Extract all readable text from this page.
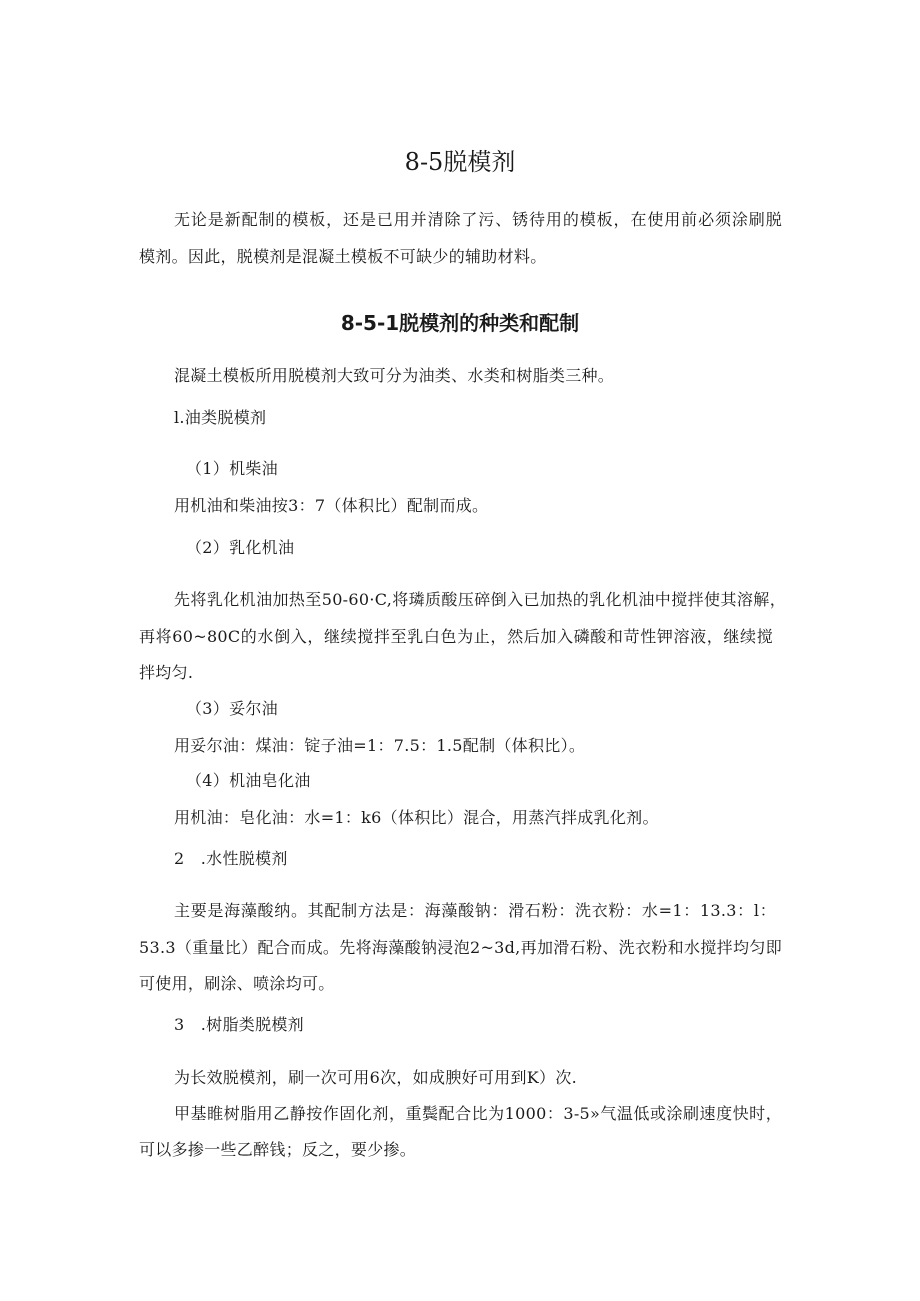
8-5脱模剂
无论是新配制的模板，还是已用并清除了污、锈待用的模板，在使用前必须涂刷脱
模剂。因此，脱模剂是混凝土模板不可缺少的辅助材料。
8-5-1脱模剂的种类和配制
混凝土模板所用脱模剂大致可分为油类、水类和树脂类三种。
l.油类脱模剂
（1）机柴油
用机油和柴油按3：7（体积比）配制而成。
（2）乳化机油
先将乳化机油加热至50-60·C,将璘质酸压碎倒入已加热的乳化机油中搅拌使其溶解，
再将60~80C的水倒入，继续搅拌至乳白色为止，然后加入磷酸和苛性钾溶液，继续搅
拌均匀.
（3）妥尔油
用妥尔油：煤油：锭子油=1：7.5：1.5配制（体积比）。
（4）机油皂化油
用机油：皂化油：水=1：k6（体积比）混合，用蒸汽拌成乳化剂。
2　.水性脱模剂
主要是海藻酸纳。其配制方法是：海藻酸钠：滑石粉：洗衣粉：水=1：13.3：l：
53.3（重量比）配合而成。先将海藻酸钠浸泡2~3d,再加滑石粉、洗衣粉和水搅拌均匀即
可使用，刷涂、喷涂均可。
3　.树脂类脱模剂
为长效脱模剂，刷一次可用6次，如成腴好可用到K）次.
甲基睢树脂用乙静按作固化剂，重鬓配合比为1000：3-5»气温低或涂刷速度快时，
可以多掺一些乙醉钱；反之，要少掺。
